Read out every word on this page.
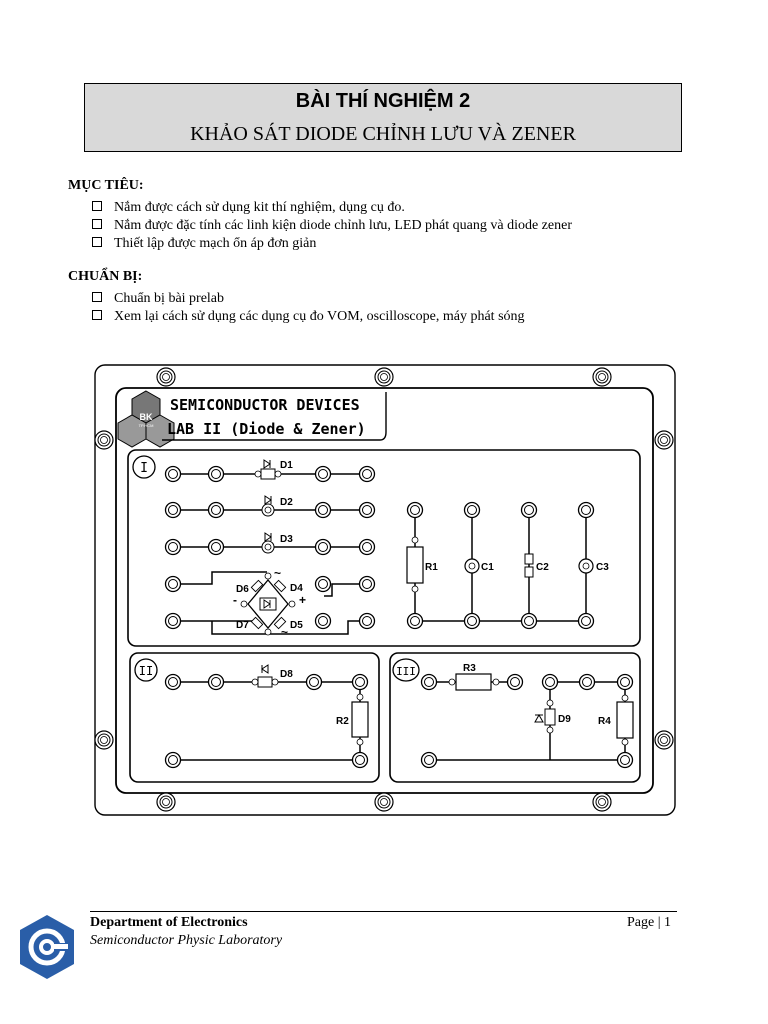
BÀI THÍ NGHIỆM 2
KHẢO SÁT DIODE CHỈNH LƯU VÀ ZENER
MỤC TIÊU:
Nắm được cách sử dụng kit thí nghiệm, dụng cụ đo.
Nắm được đặc tính các linh kiện diode chỉnh lưu, LED phát quang và diode zener
Thiết lập được mạch ổn áp đơn giản
CHUẨN BỊ:
Chuẩn bị bài prelab
Xem lại cách sử dụng các dụng cụ đo VOM, oscilloscope, máy phát sóng
BK
TP.HCM
SEMICONDUCTOR DEVICES
LAB II (Diode & Zener)
I	D1
D2
D3
D6	D4
D7	D5
-	+
~
~
R1	C1	C2	C3
II	D8
R2
III	R3
D9	R4
Department of Electronics
Semiconductor Physic Laboratory
Page | 1
